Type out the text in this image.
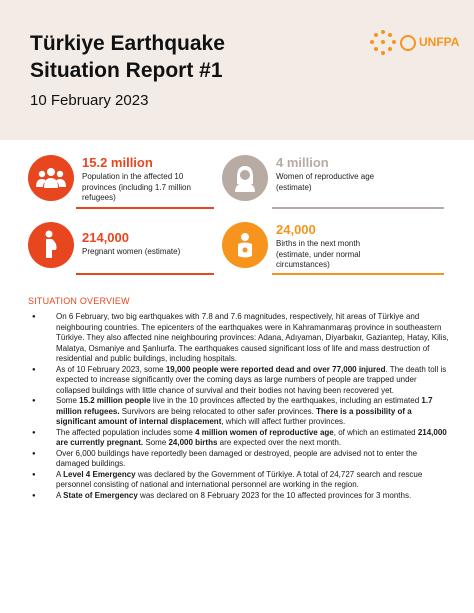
Türkiye Earthquake
Situation Report #1
10 February 2023
UNFPA
15.2 million
Population in the affected 10
provinces (including 1.7 million
refugees)
4 million
Women of reproductive age
(estimate)
214,000
Pregnant women (estimate)
24,000
Births in the next month
(estimate, under normal
circumstances)
SITUATION OVERVIEW
● On 6 February, two big earthquakes with 7.8 and 7.6 magnitudes, respectively, hit areas of Türkiye and neighbouring countries. The epicenters of the earthquakes were in Kahramanmaraş province in southeastern Türkiye. They also affected nine neighbouring provinces: Adana, Adıyaman, Diyarbakır, Gaziantep, Hatay, Kilis, Malatya, Osmaniye and Şanlıurfa. The earthquakes caused significant loss of life and mass destruction of residential and public buildings, including hospitals.
● As of 10 February 2023, some 19,000 people were reported dead and over 77,000 injured. The death toll is expected to increase significantly over the coming days as large numbers of people are trapped under collapsed buildings with little chance of survival and their bodies not having been recovered yet.
● Some 15.2 million people live in the 10 provinces affected by the earthquakes, including an estimated 1.7 million refugees. Survivors are being relocated to other safer provinces. There is a possibility of a significant amount of internal displacement, which will affect further provinces.
● The affected population includes some 4 million women of reproductive age, of which an estimated 214,000 are currently pregnant. Some 24,000 births are expected over the next month.
● Over 6,000 buildings have reportedly been damaged or destroyed, people are advised not to enter the damaged buildings.
● A Level 4 Emergency was declared by the Government of Türkiye. A total of 24,727 search and rescue personnel consisting of national and international personnel are working in the region.
● A State of Emergency was declared on 8 February 2023 for the 10 affected provinces for 3 months.
